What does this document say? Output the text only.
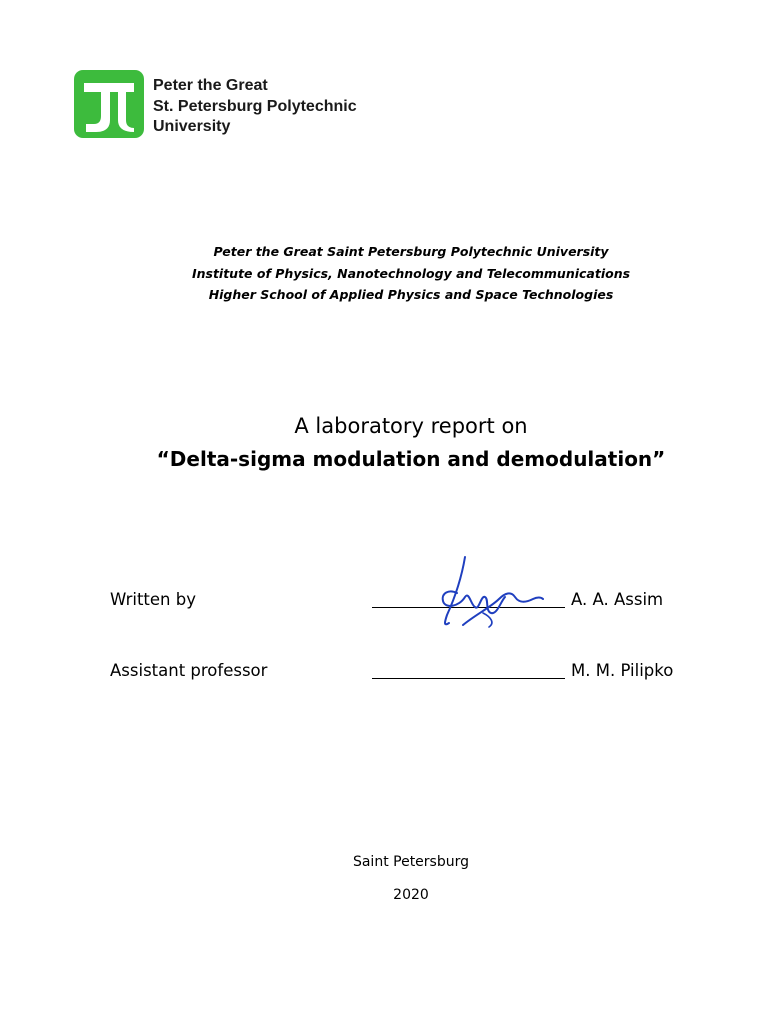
Peter the Great
St. Petersburg Polytechnic
University
Peter the Great Saint Petersburg Polytechnic University
Institute of Physics, Nanotechnology and Telecommunications
Higher School of Applied Physics and Space Technologies
A laboratory report on
“Delta-sigma modulation and demodulation”
Written by	A. A. Assim
Assistant professor	M. M. Pilipko
Saint Petersburg
2020
